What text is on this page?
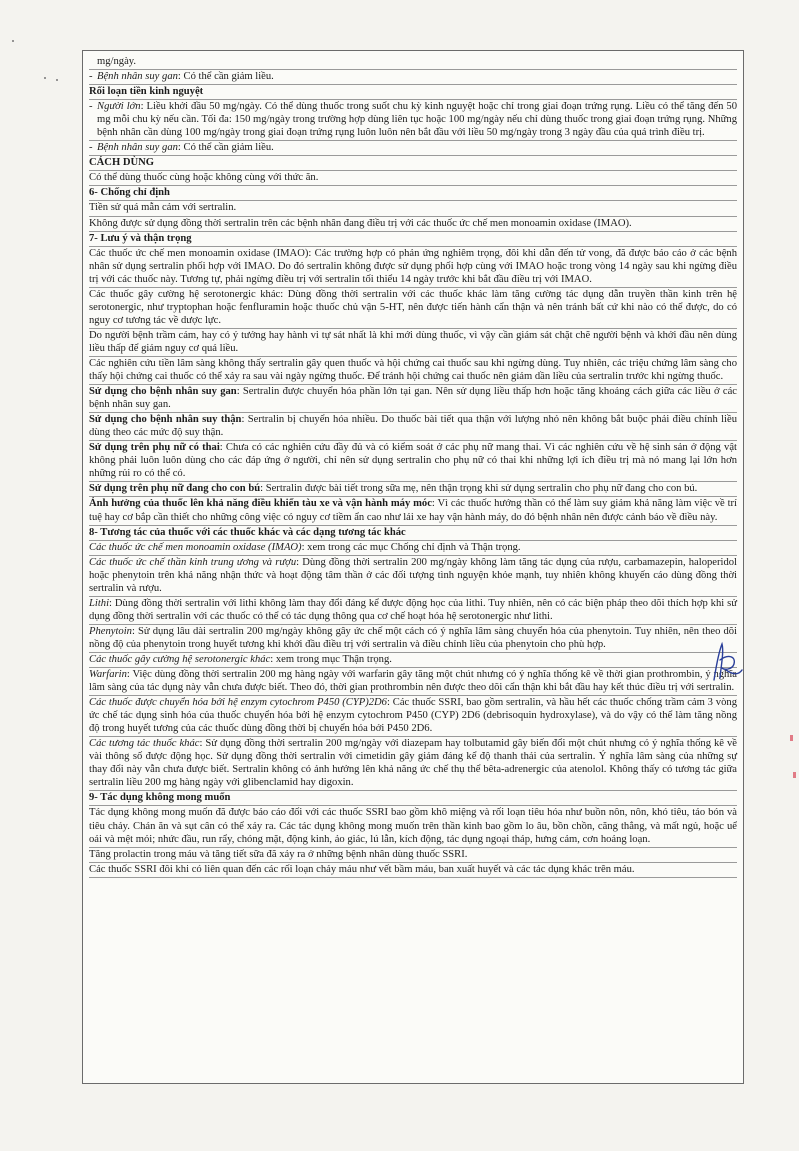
mg/ngày.

- Bệnh nhân suy gan: Có thể cần giảm liều.

Rối loạn tiền kinh nguyệt

- Người lớn: Liều khởi đầu 50 mg/ngày. Có thể dùng thuốc trong suốt chu kỳ kinh nguyệt hoặc chỉ trong giai đoạn trứng rụng. Liều có thể tăng đến 50 mg mỗi chu kỳ nếu cần. Tối đa: 150 mg/ngày trong trường hợp dùng liên tục hoặc 100 mg/ngày nếu chỉ dùng thuốc trong giai đoạn trứng rụng. Những bệnh nhân cần dùng 100 mg/ngày trong giai đoạn trứng rụng luôn luôn nên bắt đầu với liều 50 mg/ngày trong 3 ngày đầu của quá trình điều trị.

- Bệnh nhân suy gan: Có thể cần giảm liều.

CÁCH DÙNG

Có thể dùng thuốc cùng hoặc không cùng với thức ăn.

6- Chống chỉ định

Tiền sử quá mẫn cảm với sertralin.

Không được sử dụng đồng thời sertralin trên các bệnh nhân đang điều trị với các thuốc ức chế men monoamin oxidase (IMAO).

7- Lưu ý và thận trọng

Các thuốc ức chế men monoamin oxidase (IMAO): Các trường hợp có phản ứng nghiêm trọng, đôi khi dẫn đến tử vong, đã được báo cáo ở các bệnh nhân sử dụng sertralin phối hợp với IMAO. Do đó sertralin không được sử dụng phối hợp cùng với IMAO hoặc trong vòng 14 ngày sau khi ngừng điều trị với các thuốc này. Tương tự, phải ngừng điều trị với sertralin tối thiểu 14 ngày trước khi bắt đầu điều trị với IMAO.

Các thuốc gây cường hệ serotonergic khác: Dùng đồng thời sertralin với các thuốc khác làm tăng cường tác dụng dẫn truyền thần kinh trên hệ serotonergic, như tryptophan hoặc fenfluramin hoặc thuốc chủ vận 5-HT, nên được tiến hành cẩn thận và nên tránh bất cứ khi nào có thể được, do có nguy cơ tương tác về dược lực.

Do người bệnh trầm cảm, hay có ý tưởng hay hành vi tự sát nhất là khi mới dùng thuốc, vì vậy cần giám sát chặt chẽ người bệnh và khởi đầu nên dùng liều thấp để giảm nguy cơ quá liều.

Các nghiên cứu tiền lâm sàng không thấy sertralin gây quen thuốc và hội chứng cai thuốc sau khi ngừng dùng. Tuy nhiên, các triệu chứng lâm sàng cho thấy hội chứng cai thuốc có thể xảy ra sau vài ngày ngừng thuốc. Để tránh hội chứng cai thuốc nên giảm dần liều của sertralin trước khi ngừng thuốc.

Sử dụng cho bệnh nhân suy gan: Sertralin được chuyển hóa phần lớn tại gan. Nên sử dụng liều thấp hơn hoặc tăng khoảng cách giữa các liều ở các bệnh nhân suy gan.

Sử dụng cho bệnh nhân suy thận: Sertralin bị chuyển hóa nhiều. Do thuốc bài tiết qua thận với lượng nhỏ nên không bắt buộc phải điều chỉnh liều dùng theo các mức độ suy thận.

Sử dụng trên phụ nữ có thai: Chưa có các nghiên cứu đầy đủ và có kiểm soát ở các phụ nữ mang thai. Vì các nghiên cứu về hệ sinh sản ở động vật không phải luôn luôn dùng cho các đáp ứng ở người, chỉ nên sử dụng sertralin cho phụ nữ có thai khi những lợi ích điều trị mà nó mang lại lớn hơn những rủi ro có thể có.

Sử dụng trên phụ nữ đang cho con bú: Sertralin được bài tiết trong sữa mẹ, nên thận trọng khi sử dụng sertralin cho phụ nữ đang cho con bú.

Ảnh hưởng của thuốc lên khả năng điều khiển tàu xe và vận hành máy móc: Vì các thuốc hướng thần có thể làm suy giảm khả năng làm việc về trí tuệ hay cơ bắp cần thiết cho những công việc có nguy cơ tiềm ẩn cao như lái xe hay vận hành máy, do đó bệnh nhân nên được cảnh báo về điều này.

8- Tương tác của thuốc với các thuốc khác và các dạng tương tác khác

Các thuốc ức chế men monoamin oxidase (IMAO): xem trong các mục Chống chỉ định và Thận trọng.

Các thuốc ức chế thần kinh trung ương và rượu: Dùng đồng thời sertralin 200 mg/ngày không làm tăng tác dụng của rượu, carbamazepin, haloperidol hoặc phenytoin trên khả năng nhận thức và hoạt động tâm thần ở các đối tượng tình nguyện khỏe mạnh, tuy nhiên không khuyến cáo dùng đồng thời sertralin và rượu.

Lithi: Dùng đồng thời sertralin với lithi không làm thay đổi đáng kể được động học của lithi. Tuy nhiên, nên có các biện pháp theo dõi thích hợp khi sử dụng đồng thời sertralin với các thuốc có thể có tác dụng thông qua cơ chế hoạt hóa hệ serotonergic như lithi.

Phenytoin: Sử dụng lâu dài sertralin 200 mg/ngày không gây ức chế một cách có ý nghĩa lâm sàng chuyển hóa của phenytoin. Tuy nhiên, nên theo dõi nồng độ của phenytoin trong huyết tương khi khởi đầu điều trị với sertralin và điều chỉnh liều của phenytoin cho phù hợp.

Các thuốc gây cường hệ serotonergic khác: xem trong mục Thận trọng.

Warfarin: Việc dùng đồng thời sertralin 200 mg hàng ngày với warfarin gây tăng một chút nhưng có ý nghĩa thống kê về thời gian prothrombin, ý nghĩa lâm sàng của tác dụng này vẫn chưa được biết. Theo đó, thời gian prothrombin nên được theo dõi cẩn thận khi bắt đầu hay kết thúc điều trị với sertralin.

Các thuốc được chuyển hóa bởi hệ enzym cytochrom P450 (CYP)2D6: Các thuốc SSRI, bao gồm sertralin, và hầu hết các thuốc chống trầm cảm 3 vòng ức chế tác dụng sinh hóa của thuốc chuyển hóa bởi hệ enzym cytochrom P450 (CYP) 2D6 (debrisoquin hydroxylase), và do vậy có thể làm tăng nồng độ trong huyết tương của các thuốc dùng đồng thời bị chuyển hóa bởi P450 2D6.

Các tương tác thuốc khác: Sử dụng đồng thời sertralin 200 mg/ngày với diazepam hay tolbutamid gây biến đổi một chút nhưng có ý nghĩa thống kê về vài thông số được động học. Sử dụng đồng thời sertralin với cimetidin gây giảm đáng kể độ thanh thải của sertralin. Ý nghĩa lâm sàng của những sự thay đổi này vẫn chưa được biết. Sertralin không có ảnh hưởng lên khả năng ức chế thụ thể bêta-adrenergic của atenolol. Không thấy có tương tác giữa sertralin liều 200 mg hàng ngày với glibenclamid hay digoxin.

9- Tác dụng không mong muốn

Tác dụng không mong muốn đã được báo cáo đối với các thuốc SSRI bao gồm khô miệng và rối loạn tiêu hóa như buồn nôn, nôn, khó tiêu, táo bón và tiêu chảy. Chán ăn và sụt cân có thể xảy ra. Các tác dụng không mong muốn trên thần kinh bao gồm lo âu, bồn chồn, căng thẳng, và mất ngủ, hoặc uể oải và mệt mỏi; nhức đầu, run rẩy, chóng mặt, động kinh, ảo giác, lú lẫn, kích động, tác dụng ngoại tháp, hưng cảm, cơn hoảng loạn.

Tăng prolactin trong máu và tăng tiết sữa đã xảy ra ở những bệnh nhân dùng thuốc SSRI.

Các thuốc SSRI đôi khi có liên quan đến các rối loạn chảy máu như vết bầm máu, ban xuất huyết và các tác dụng khác trên máu.
